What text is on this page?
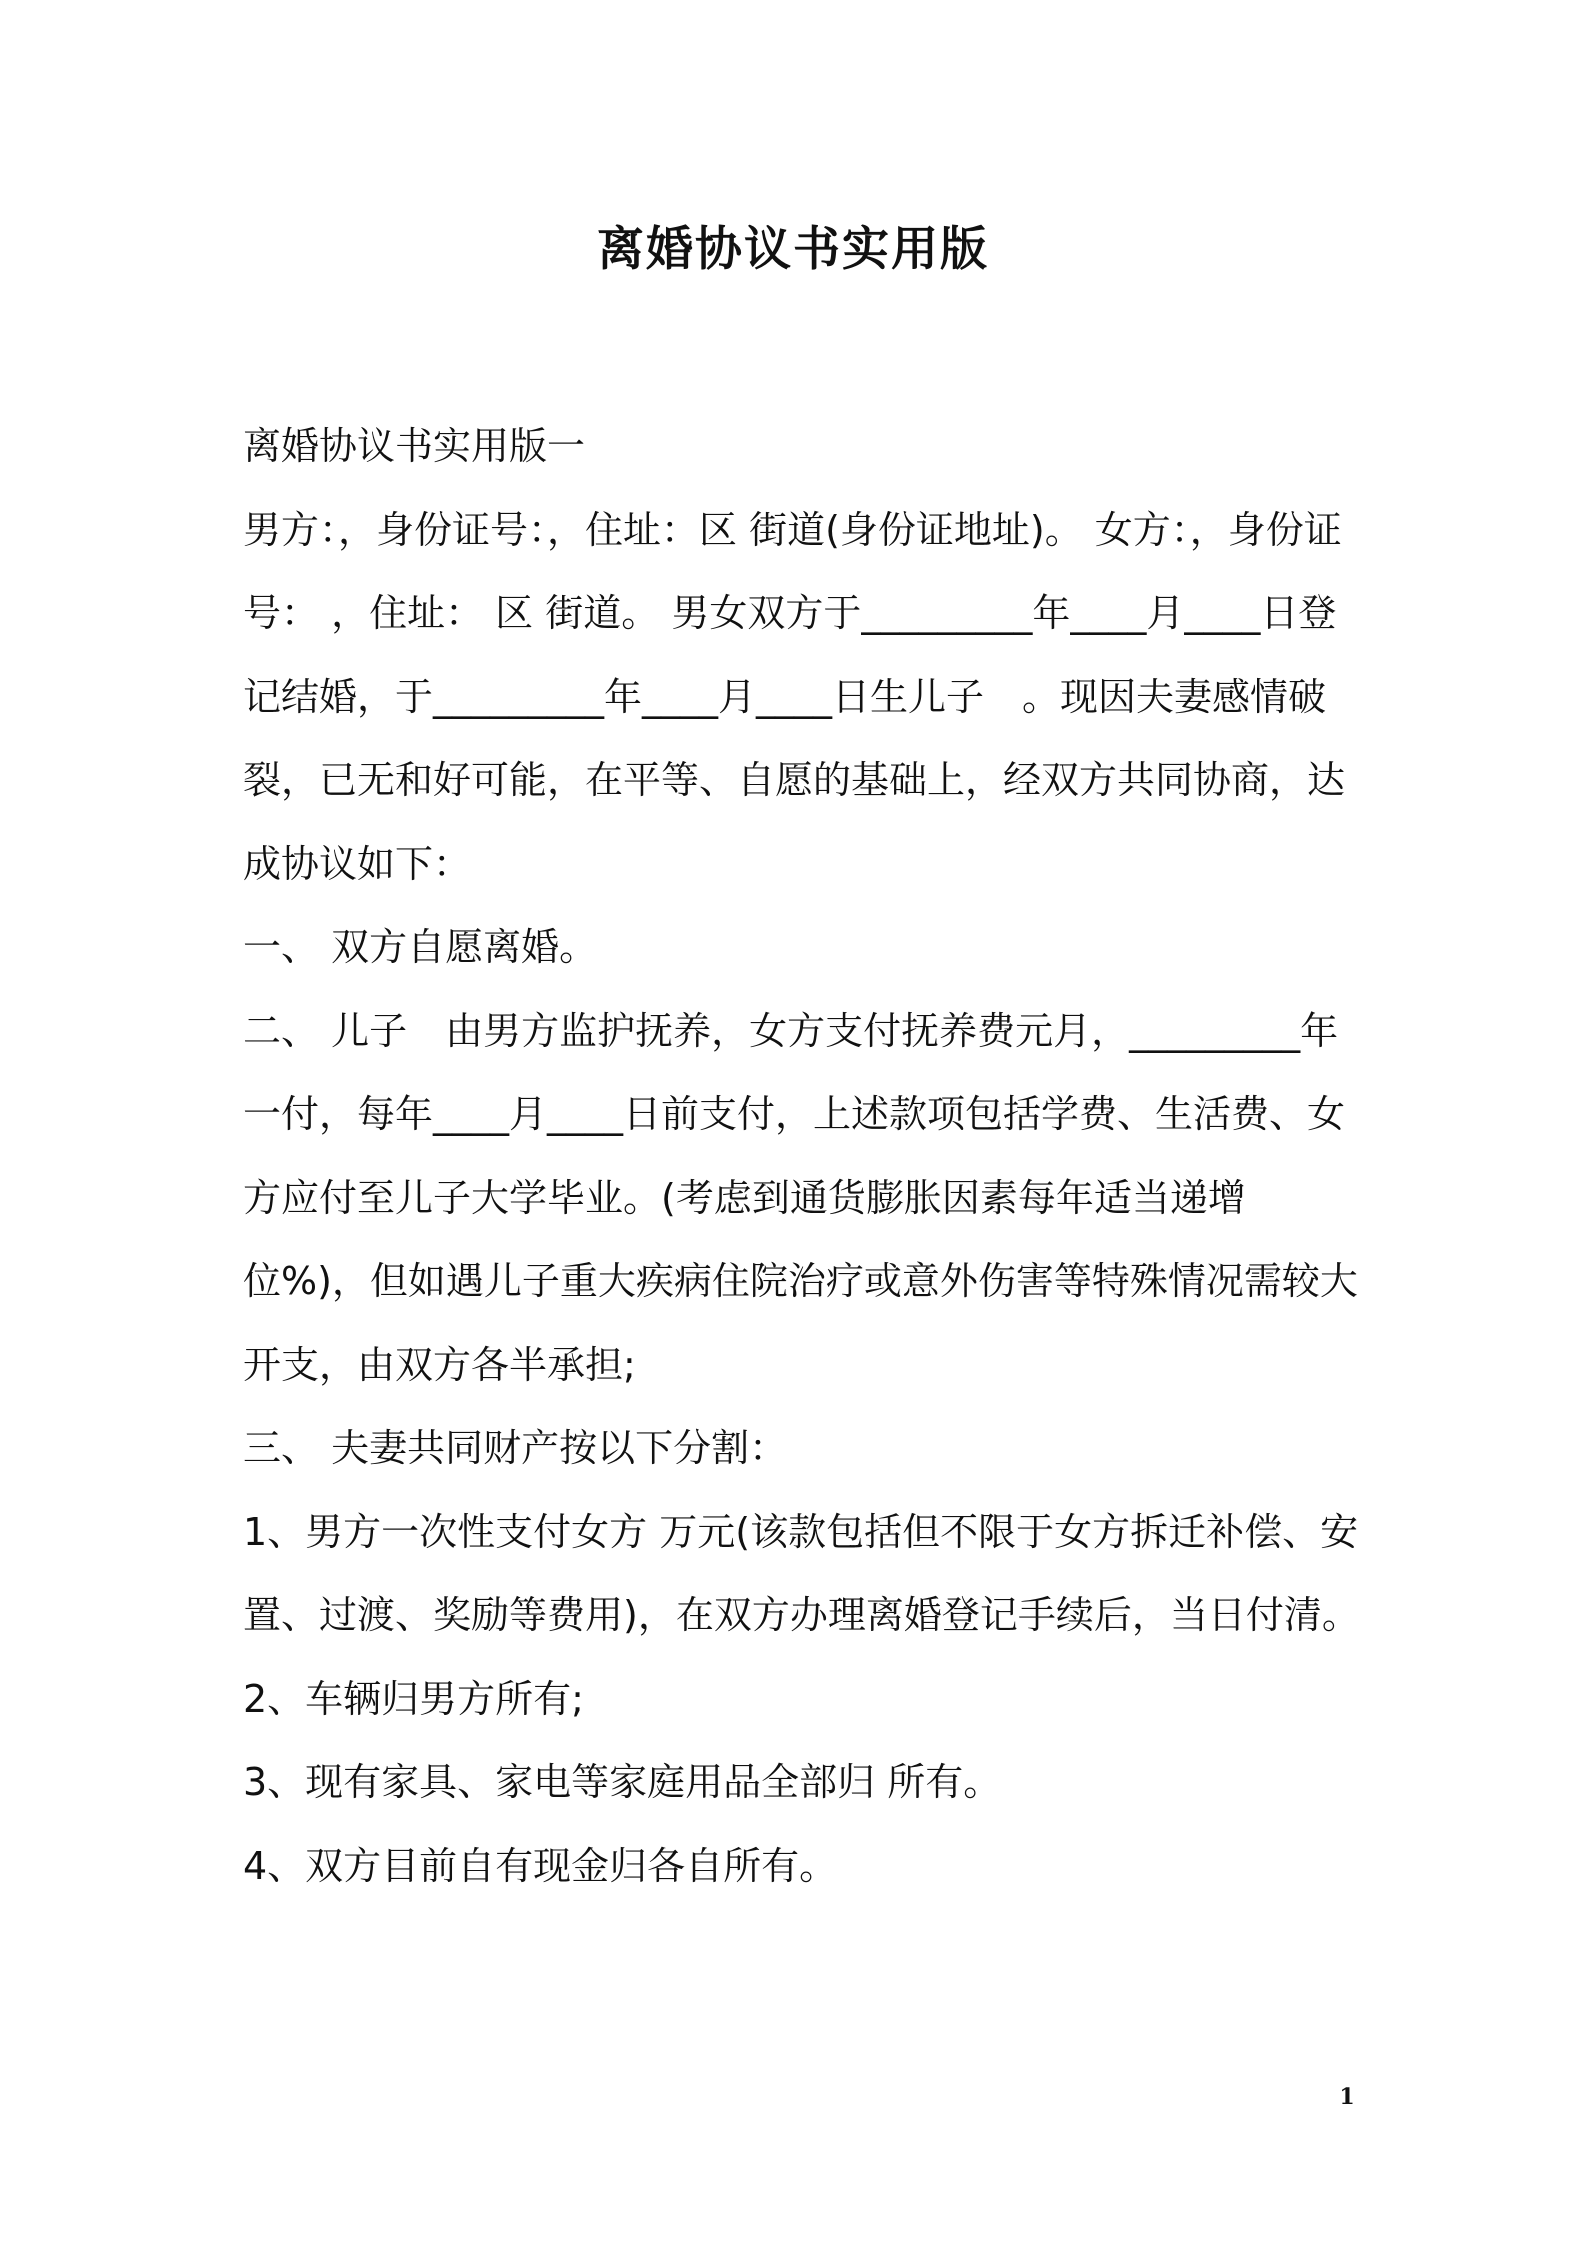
离婚协议书实用版

离婚协议书实用版一

男方：，身份证号：，住址：区 街道(身份证地址)。 女方：，身份证号： ，住址： 区 街道。 男女双方于_________年____月____日登记结婚，于_________年____月____日生儿子　。现因夫妻感情破裂，已无和好可能，在平等、自愿的基础上，经双方共同协商，达成协议如下：

一、 双方自愿离婚。

二、 儿子　由男方监护抚养，女方支付抚养费元月，_________年一付，每年____月____日前支付，上述款项包括学费、生活费、女方应付至儿子大学毕业。(考虑到通货膨胀因素每年适当递增位%)，但如遇儿子重大疾病住院治疗或意外伤害等特殊情况需较大开支，由双方各半承担;

三、 夫妻共同财产按以下分割：

1、男方一次性支付女方 万元(该款包括但不限于女方拆迁补偿、安置、过渡、奖励等费用)，在双方办理离婚登记手续后，当日付清。

2、车辆归男方所有;

3、现有家具、家电等家庭用品全部归 所有。

4、双方目前自有现金归各自所有。

1
